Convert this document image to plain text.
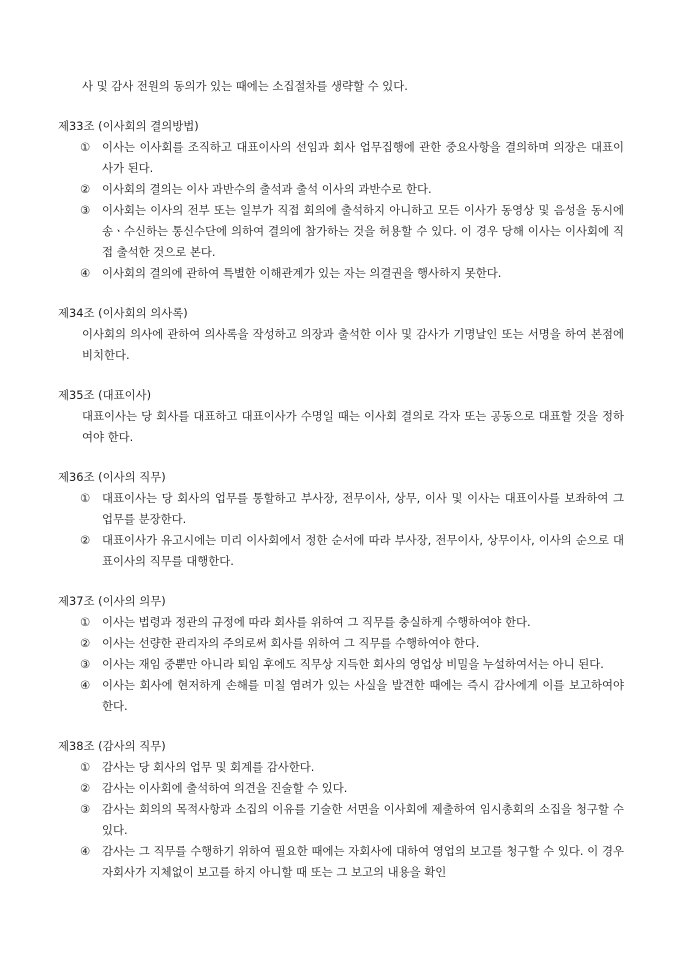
사 및 감사 전원의 동의가 있는 때에는 소집절차를 생략할 수 있다.
제33조 (이사회의 결의방법)
①	이사는 이사회를 조직하고 대표이사의 선임과 회사 업무집행에 관한 중요사항을 결의하며 의장은 대표이사가 된다.
②	이사회의 결의는 이사 과반수의 출석과 출석 이사의 과반수로 한다.
③	이사회는 이사의 전부 또는 일부가 직접 회의에 출석하지 아니하고 모든 이사가 동영상 및 음성을 동시에 송ㆍ수신하는 통신수단에 의하여 결의에 참가하는 것을 허용할 수 있다. 이 경우 당해 이사는 이사회에 직접 출석한 것으로 본다.
④	이사회의 결의에 관하여 특별한 이해관계가 있는 자는 의결권을 행사하지 못한다.
제34조 (이사회의 의사록)
이사회의 의사에 관하여 의사록을 작성하고 의장과 출석한 이사 및 감사가 기명날인 또는 서명을 하여 본점에 비치한다.
제35조 (대표이사)
대표이사는 당 회사를 대표하고 대표이사가 수명일 때는 이사회 결의로 각자 또는 공동으로 대표할 것을 정하여야 한다.
제36조 (이사의 직무)
①	대표이사는 당 회사의 업무를 통할하고 부사장, 전무이사, 상무, 이사 및 이사는 대표이사를 보좌하여 그 업무를 분장한다.
②	대표이사가 유고시에는 미리 이사회에서 정한 순서에 따라 부사장, 전무이사, 상무이사, 이사의 순으로 대표이사의 직무를 대행한다.
제37조 (이사의 의무)
①	이사는 법령과 정관의 규정에 따라 회사를 위하여 그 직무를 충실하게 수행하여야 한다.
②	이사는 선량한 관리자의 주의로써 회사를 위하여 그 직무를 수행하여야 한다.
③	이사는 재임 중뿐만 아니라 퇴임 후에도 직무상 지득한 회사의 영업상 비밀을 누설하여서는 아니 된다.
④	이사는 회사에 현저하게 손해를 미칠 염려가 있는 사실을 발견한 때에는 즉시 감사에게 이를 보고하여야 한다.
제38조 (감사의 직무)
①	감사는 당 회사의 업무 및 회계를 감사한다.
②	감사는 이사회에 출석하여 의견을 진술할 수 있다.
③	감사는 회의의 목적사항과 소집의 이유를 기술한 서면을 이사회에 제출하여 임시총회의 소집을 청구할 수 있다.
④	감사는 그 직무를 수행하기 위하여 필요한 때에는 자회사에 대하여 영업의 보고를 청구할 수 있다. 이 경우 자회사가 지체없이 보고를 하지 아니할 때 또는 그 보고의 내용을 확인
